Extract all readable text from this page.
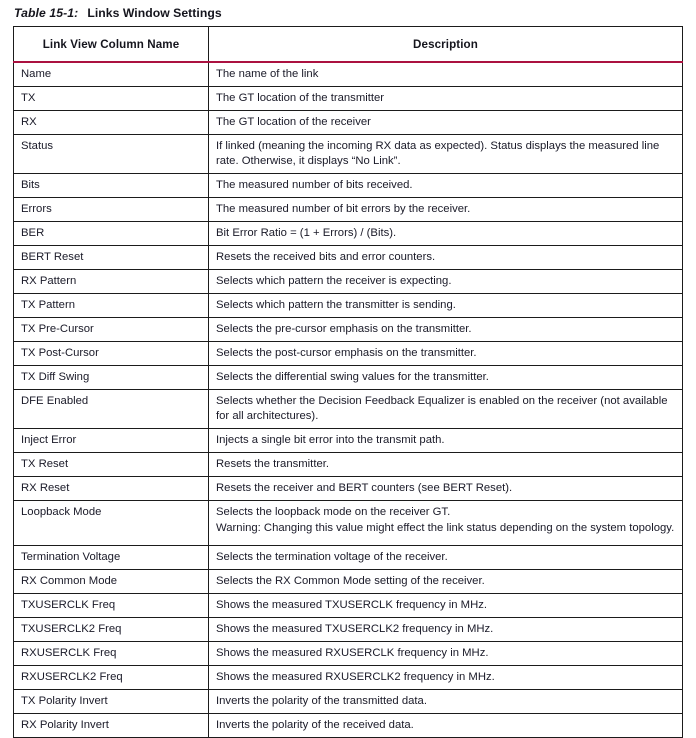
Table 15-1: Links Window Settings
Link View Column Name	Description
Name	The name of the link

TX	The GT location of the transmitter

RX	The GT location of the receiver

Status	If linked (meaning the incoming RX data as expected). Status displays the measured line rate. Otherwise, it displays “No Link”.

Bits	The measured number of bits received.

Errors	The measured number of bit errors by the receiver.

BER	Bit Error Ratio = (1 + Errors) / (Bits).

BERT Reset	Resets the received bits and error counters.

RX Pattern	Selects which pattern the receiver is expecting.

TX Pattern	Selects which pattern the transmitter is sending.

TX Pre-Cursor	Selects the pre-cursor emphasis on the transmitter.

TX Post-Cursor	Selects the post-cursor emphasis on the transmitter.

TX Diff Swing	Selects the differential swing values for the transmitter.

DFE Enabled	Selects whether the Decision Feedback Equalizer is enabled on the receiver (not available for all architectures).

Inject Error	Injects a single bit error into the transmit path.

TX Reset	Resets the transmitter.

RX Reset	Resets the receiver and BERT counters (see BERT Reset).

Loopback Mode	Selects the loopback mode on the receiver GT.

Warning: Changing this value might effect the link status depending on the system topology.

Termination Voltage	Selects the termination voltage of the receiver.

RX Common Mode	Selects the RX Common Mode setting of the receiver.

TXUSERCLK Freq	Shows the measured TXUSERCLK frequency in MHz.

TXUSERCLK2 Freq	Shows the measured TXUSERCLK2 frequency in MHz.

RXUSERCLK Freq	Shows the measured RXUSERCLK frequency in MHz.

RXUSERCLK2 Freq	Shows the measured RXUSERCLK2 frequency in MHz.

TX Polarity Invert	Inverts the polarity of the transmitted data.

RX Polarity Invert	Inverts the polarity of the received data.
